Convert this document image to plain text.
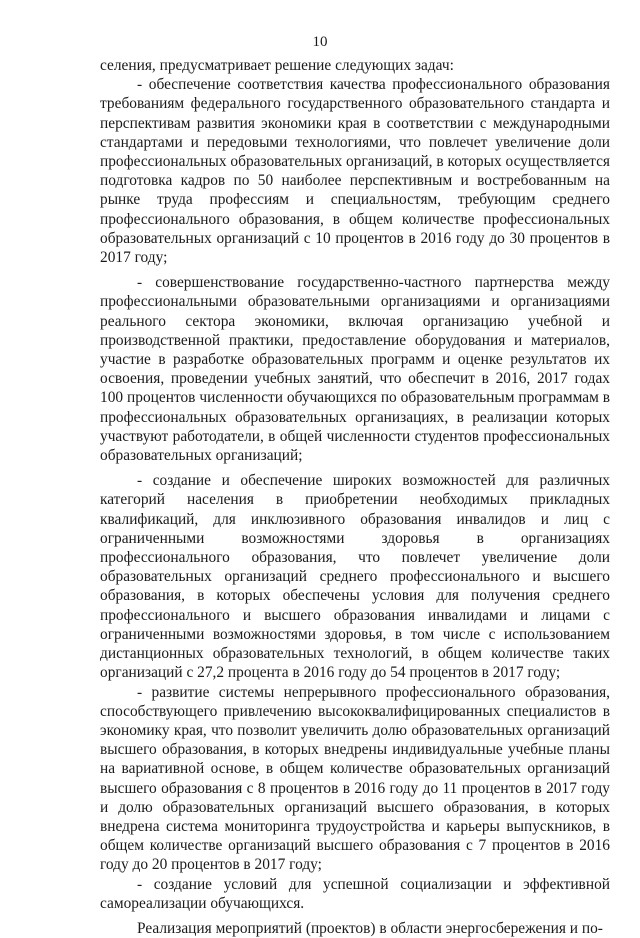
10

селения, предусматривает решение следующих задач:

- обеспечение соответствия качества профессионального образования требованиям федерального государственного образовательного стандарта и перспективам развития экономики края в соответствии с международными стандартами и передовыми технологиями, что повлечет увеличение доли профессиональных образовательных организаций, в которых осуществляется подготовка кадров по 50 наиболее перспективным и востребованным на рынке труда профессиям и специальностям, требующим среднего профессионального образования, в общем количестве профессиональных образовательных организаций с 10 процентов в 2016 году до 30 процентов в 2017 году;

- совершенствование государственно-частного партнерства между профессиональными образовательными организациями и организациями реального сектора экономики, включая организацию учебной и производственной практики, предоставление оборудования и материалов, участие в разработке образовательных программ и оценке результатов их освоения, проведении учебных занятий, что обеспечит в 2016, 2017 годах 100 процентов численности обучающихся по образовательным программам в профессиональных образовательных организациях, в реализации которых участвуют работодатели, в общей численности студентов профессиональных образовательных организаций;

- создание и обеспечение широких возможностей для различных категорий населения в приобретении необходимых прикладных квалификаций, для инклюзивного образования инвалидов и лиц с ограниченными возможностями здоровья в организациях профессионального образования, что повлечет увеличение доли образовательных организаций среднего профессионального и высшего образования, в которых обеспечены условия для получения среднего профессионального и высшего образования инвалидами и лицами с ограниченными возможностями здоровья, в том числе с использованием дистанционных образовательных технологий, в общем количестве таких организаций с 27,2 процента в 2016 году до 54 процентов в 2017 году;

- развитие системы непрерывного профессионального образования, способствующего привлечению высококвалифицированных специалистов в экономику края, что позволит увеличить долю образовательных организаций высшего образования, в которых внедрены индивидуальные учебные планы на вариативной основе, в общем количестве образовательных организаций высшего образования с 8 процентов в 2016 году до 11 процентов в 2017 году и долю образовательных организаций высшего образования, в которых внедрена система мониторинга трудоустройства и карьеры выпускников, в общем количестве организаций высшего образования с 7 процентов в 2016 году до 20 процентов в 2017 году;

- создание условий для успешной социализации и эффективной самореализации обучающихся.

Реализация мероприятий (проектов) в области энергосбережения и по-
